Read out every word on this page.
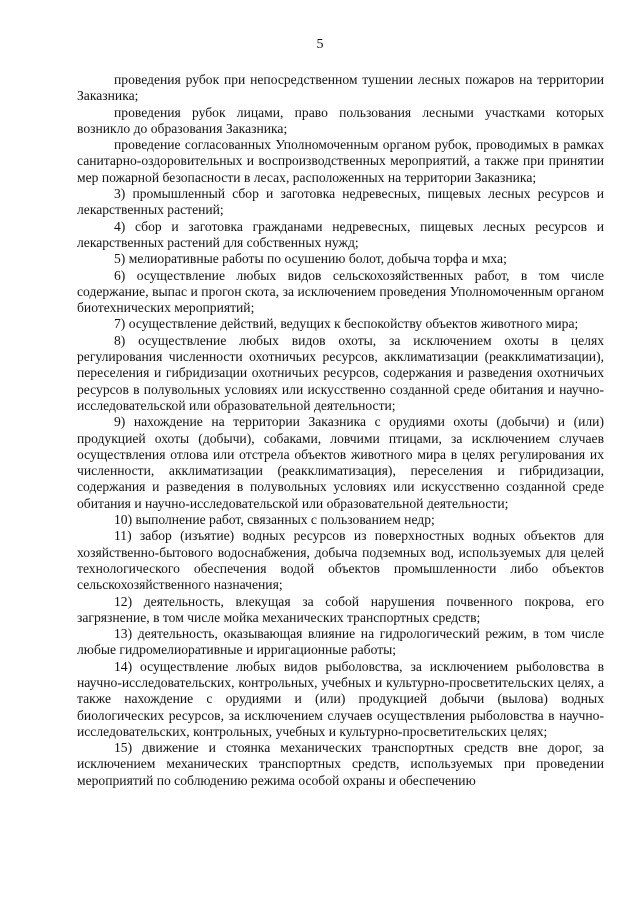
5

проведения рубок при непосредственном тушении лесных пожаров на территории Заказника;

проведения рубок лицами, право пользования лесными участками которых возникло до образования Заказника;

проведение согласованных Уполномоченным органом рубок, проводимых в рамках санитарно-оздоровительных и воспроизводственных мероприятий, а также при принятии мер пожарной безопасности в лесах, расположенных на территории Заказника;

3) промышленный сбор и заготовка недревесных, пищевых лесных ресурсов и лекарственных растений;

4) сбор и заготовка гражданами недревесных, пищевых лесных ресурсов и лекарственных растений для собственных нужд;

5) мелиоративные работы по осушению болот, добыча торфа и мха;

6) осуществление любых видов сельскохозяйственных работ, в том числе содержание, выпас и прогон скота, за исключением проведения Уполномоченным органом биотехнических мероприятий;

7) осуществление действий, ведущих к беспокойству объектов животного мира;

8) осуществление любых видов охоты, за исключением охоты в целях регулирования численности охотничьих ресурсов, акклиматизации (реакклиматизации), переселения и гибридизации охотничьих ресурсов, содержания и разведения охотничьих ресурсов в полувольных условиях или искусственно созданной среде обитания и научно-исследовательской или образовательной деятельности;

9) нахождение на территории Заказника с орудиями охоты (добычи) и (или) продукцией охоты (добычи), собаками, ловчими птицами, за исключением случаев осуществления отлова или отстрела объектов животного мира в целях регулирования их численности, акклиматизации (реакклиматизация), переселения и гибридизации, содержания и разведения в полувольных условиях или искусственно созданной среде обитания и научно-исследовательской или образовательной деятельности;

10) выполнение работ, связанных с пользованием недр;

11) забор (изъятие) водных ресурсов из поверхностных водных объектов для хозяйственно-бытового водоснабжения, добыча подземных вод, используемых для целей технологического обеспечения водой объектов промышленности либо объектов сельскохозяйственного назначения;

12) деятельность, влекущая за собой нарушения почвенного покрова, его загрязнение, в том числе мойка механических транспортных средств;

13) деятельность, оказывающая влияние на гидрологический режим, в том числе любые гидромелиоративные и ирригационные работы;

14) осуществление любых видов рыболовства, за исключением рыболовства в научно-исследовательских, контрольных, учебных и культурно-просветительских целях, а также нахождение с орудиями и (или) продукцией добычи (вылова) водных биологических ресурсов, за исключением случаев осуществления рыболовства в научно-исследовательских, контрольных, учебных и культурно-просветительских целях;

15) движение и стоянка механических транспортных средств вне дорог, за исключением механических транспортных средств, используемых при проведении мероприятий по соблюдению режима особой охраны и обеспечению
